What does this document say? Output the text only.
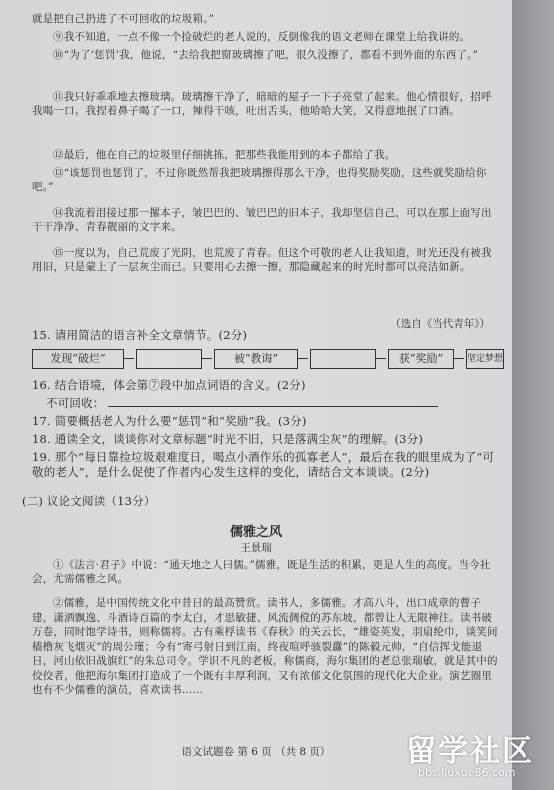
就是把自己扔进了不可回收的垃圾箱。”

⑨我不知道，一点不像一个捡破烂的老人说的，反倒像我的语文老师在课堂上给我讲的。

⑩“为了‘惩罚’我，他说，“去给我把窗玻璃擦了吧，很久没擦了，都看不到外面的东西了。”

⑪我只好乖乖地去擦玻璃。玻璃擦干净了，暗暗的屋子一下子亮堂了起来。他心情很好，招呼我喝一口。我捏着鼻子喝了一口，辣得干咳，吐出舌头，他哈哈大笑，又得意地抿了口酒。

⑫最后，他在自己的垃圾里仔细挑拣，把那些我能用到的本子都给了我。

⑬“该惩罚也惩罚了，不过你既然帮我把玻璃擦得那么干净，也得奖励奖励，这些就奖励给你吧。”

⑭我流着泪接过那一摞本子，皱巴巴的、皱巴巴的旧本子，我却坚信自己，可以在那上面写出干干净净、青春靓丽的文字来。

⑮一度以为，自己荒废了光阴，也荒废了青春。但这个可敬的老人让我知道，时光还没有被我用旧，只是蒙上了一层灰尘而已。只要用心去擦一擦，那隐藏起来的时光时都可以亮洁如新。

（选自《当代青年》）

15. 请用简洁的语言补全文章情节。(2分)

发现“破烂”	被“教诲”	获“奖励”	坚定梦想

16. 结合语境，体会第⑦段中加点词语的含义。(2分)

不可回收：

17. 简要概括老人为什么要“惩罚”和“奖励”我。(3分)

18. 通读全文，谈谈你对文章标题“时光不旧，只是落满尘灰”的理解。(3分)

19. 那个“每日靠捡垃圾艰难度日，喝点小酒作乐的孤寡老人”，最后在我的眼里成为了“可敬的老人”，是什么促使了作者内心发生这样的变化，请结合文本谈谈。(2分)

(二) 议论文阅读（13分）

儒雅之风
王景瑞

①《法言·君子》中说：“通天地之人曰儒。”儒雅，既是生活的积累，更是人生的高度。当今社会，尤需儒雅之风。

②儒雅，是中国传统文化中昔日的最高赞赏。读书人，多儒雅。才高八斗，出口成章的曹子建，潇洒飘逸、斗酒诗百篇的李太白，才思敏捷、风流倜傥的苏东坡，都曾让人无限神往。读书破万卷，同时饱学诗书，则称儒将。古有乘桴读书《春秋》的关云长，“雄姿英发，羽扇纶巾，谈笑间樯橹灰飞烟灭”的周公瑾；今有“寄弓射日到江南，终夜喧呼骇裂纛”的陈毅元帅，“自信挥戈能退日，河山依旧战旗红”的朱总司令。学识不凡的老板，称儒商，海尔集团的老总张瑞敏，就是其中的佼佼者，他把海尔集团打造成了一个既有丰厚利润，又有浓郁文化氛围的现代化大企业。演艺圈里也有不少儒雅的演员，喜欢读书……

语文试题卷 第 6 页 （共 8 页）	留学社区
bbs.liuxue86.com
